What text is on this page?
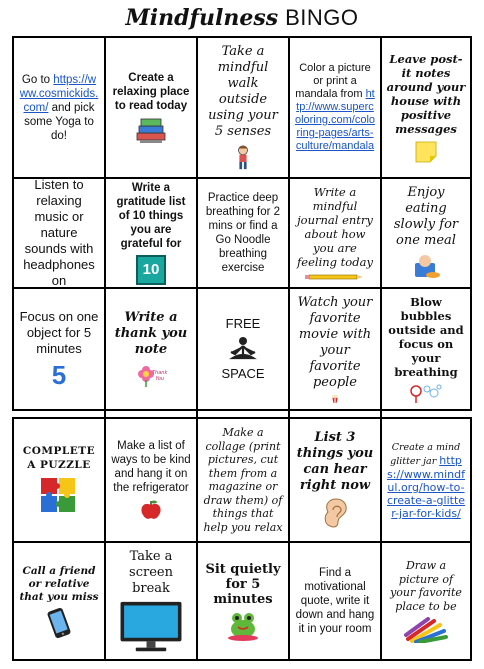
Mindfulness BINGO
Go to https://www.cosmickids.com/ and pick some Yoga to do!
Create a relaxing place to read today
Take a mindful walk outside using your 5 senses
Color a picture or print a mandala from http://www.supercoloring.com/coloring-pages/arts-culture/mandala
Leave post-it notes around your house with positive messages
Listen to relaxing music or nature sounds with headphones on
Write a gratitude list of 10 things you are grateful for
10
Practice deep breathing for 2 mins or find a Go Noodle breathing exercise
Write a mindful journal entry about how you are feeling today
Enjoy eating slowly for one meal
Focus on one object for 5 minutes
5
Write a thank you note
Thank You
FREE
SPACE
Watch your favorite movie with your favorite people
Blow bubbles outside and focus on your breathing
COMPLETE A PUZZLE
Make a list of ways to be kind and hang it on the refrigerator
Make a collage (print pictures, cut them from a magazine or draw them) of things that help you relax
List 3 things you can hear right now
Create a mind glitter jar https://www.mindful.org/how-to-create-a-glitter-jar-for-kids/
Call a friend or relative that you miss
Take a screen break
Sit quietly for 5 minutes
Find a motivational quote, write it down and hang it in your room
Draw a picture of your favorite place to be
